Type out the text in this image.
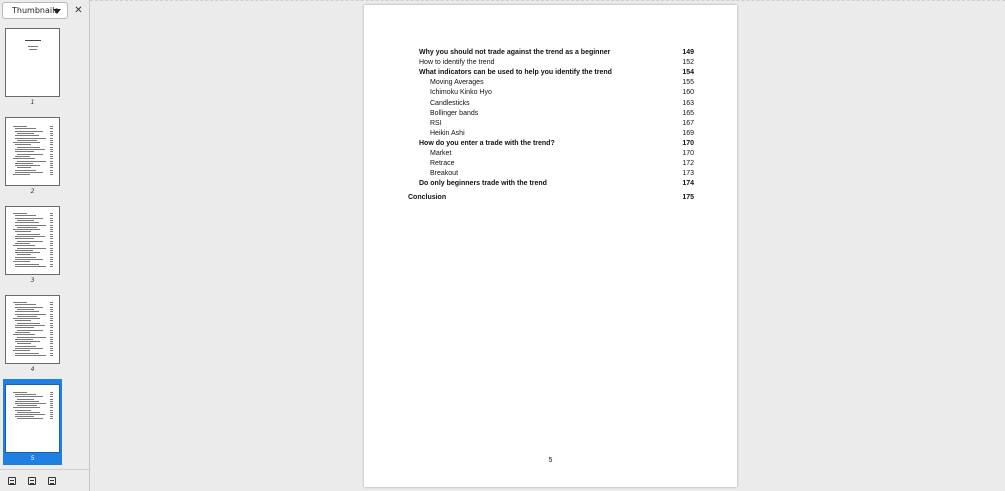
Thumbnails	✕
1
2
3
4
5	5
Why you should not trade against the trend as a beginner	149
How to identify the trend	152
What indicators can be used to help you identify the trend	154
Moving Averages	155
Ichimoku Kinko Hyo	160
Candlesticks	163
Bollinger bands	165
RSI	167
Heikin Ashi	169
How do you enter a trade with the trend?	170
Market	170
Retrace	172
Breakout	173
Do only beginners trade with the trend	174
Conclusion	175
